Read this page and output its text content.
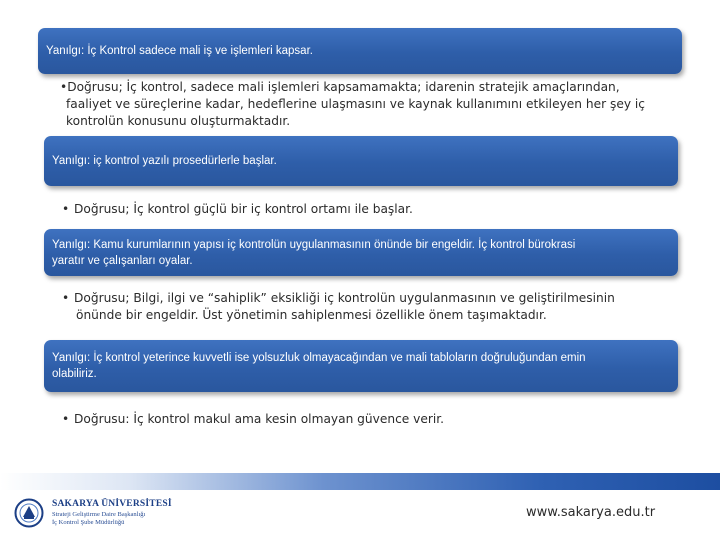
Yanılgı: İç Kontrol sadece mali iş ve işlemleri kapsar.
•Doğrusu; İç kontrol, sadece mali işlemleri kapsamamakta; idarenin stratejik amaçlarından,
faaliyet ve süreçlerine kadar, hedeflerine ulaşmasını ve kaynak kullanımını etkileyen her şey iç
kontrolün konusunu oluşturmaktadır.
Yanılgı: iç kontrol yazılı prosedürlerle başlar.
• Doğrusu; İç kontrol güçlü bir iç kontrol ortamı ile başlar.
Yanılgı: Kamu kurumlarının yapısı iç kontrolün uygulanmasının önünde bir engeldir. İç kontrol bürokrasi
yaratır ve çalışanları oyalar.
• Doğrusu; Bilgi, ilgi ve “sahiplik” eksikliği iç kontrolün uygulanmasının ve geliştirilmesinin
önünde bir engeldir. Üst yönetimin sahiplenmesi özellikle önem taşımaktadır.
Yanılgı: İç kontrol yeterince kuvvetli ise yolsuzluk olmayacağından ve mali tabloların doğruluğundan emin
olabiliriz.
• Doğrusu: İç kontrol makul ama kesin olmayan güvence verir.
SAKARYA ÜNİVERSİTESİ
Strateji Geliştirme Daire Başkanlığı
İç Kontrol Şube Müdürlüğü
www.sakarya.edu.tr
